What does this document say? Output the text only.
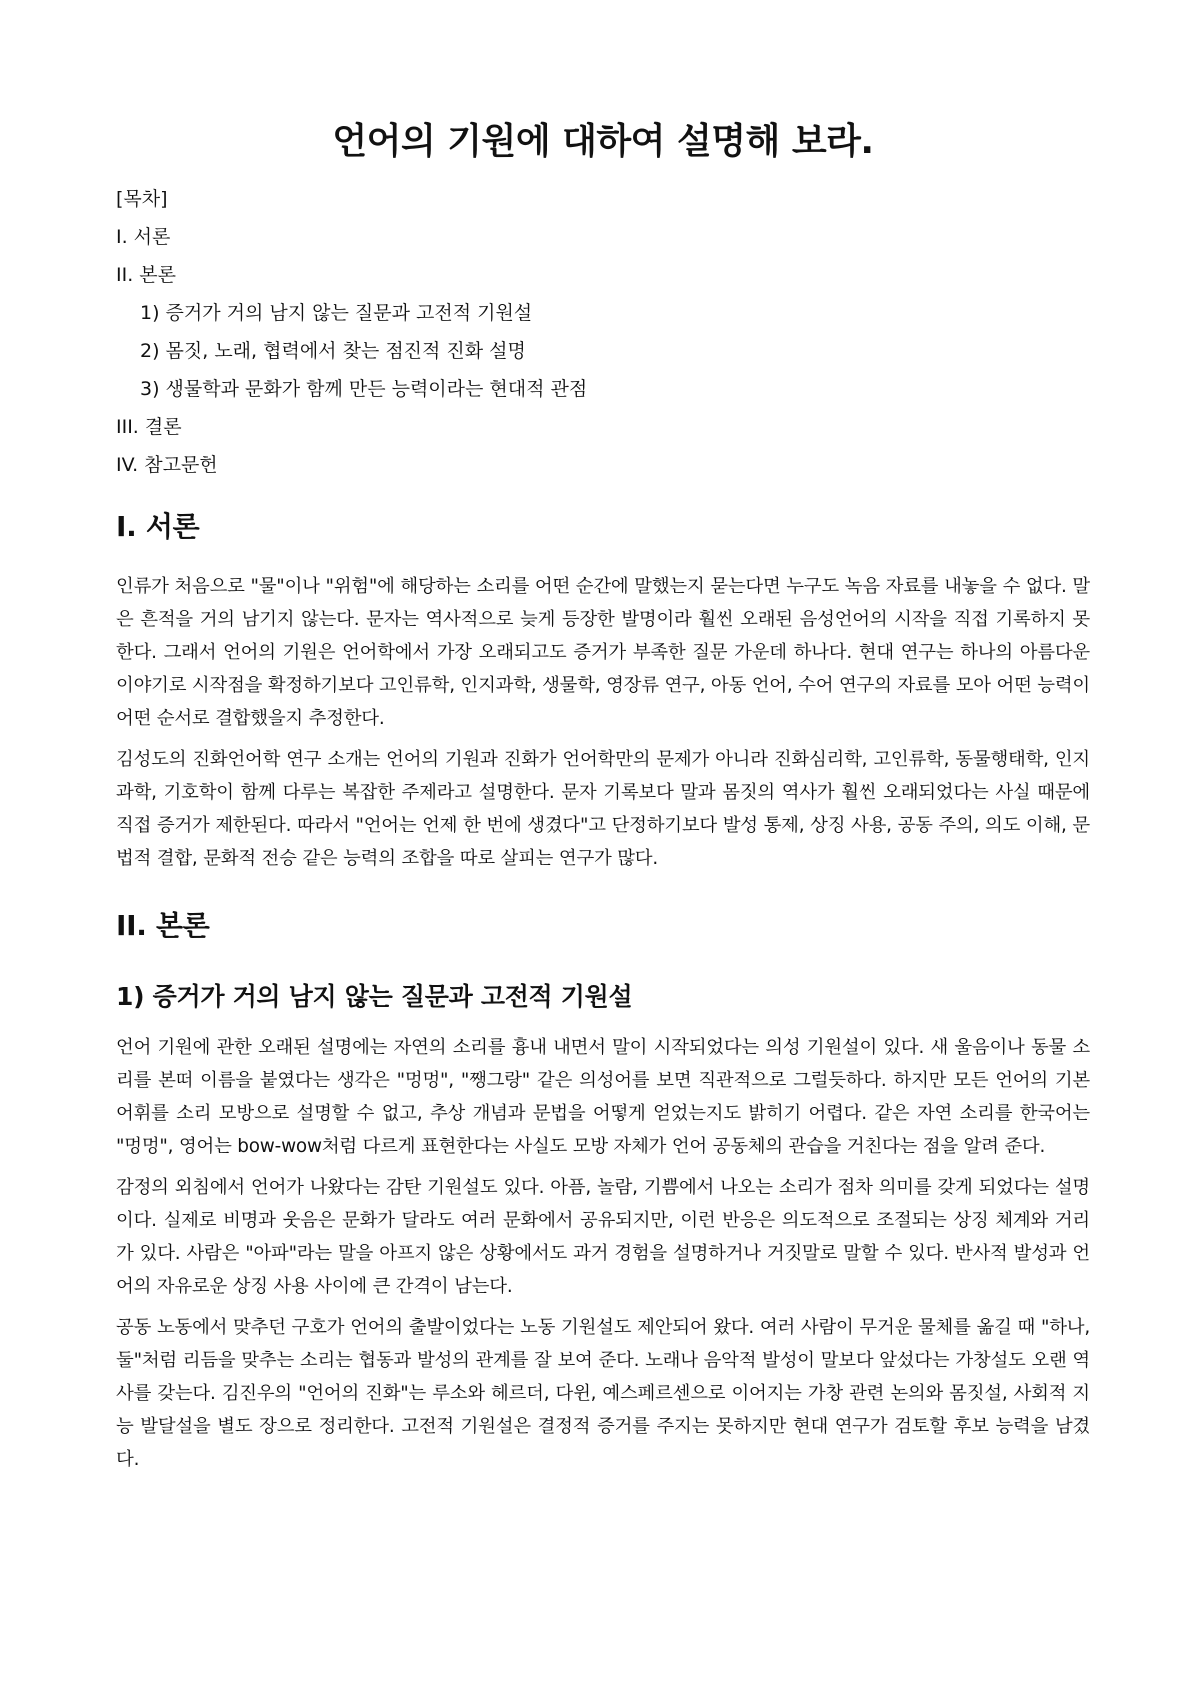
언어의 기원에 대하여 설명해 보라.
[목차]
I. 서론
II. 본론
1) 증거가 거의 남지 않는 질문과 고전적 기원설
2) 몸짓, 노래, 협력에서 찾는 점진적 진화 설명
3) 생물학과 문화가 함께 만든 능력이라는 현대적 관점
III. 결론
IV. 참고문헌
I. 서론

인류가 처음으로 "물"이나 "위험"에 해당하는 소리를 어떤 순간에 말했는지 묻는다면 누구도 녹음 자료를 내놓을 수 없다. 말은 흔적을 거의 남기지 않는다. 문자는 역사적으로 늦게 등장한 발명이라 훨씬 오래된 음성언어의 시작을 직접 기록하지 못한다. 그래서 언어의 기원은 언어학에서 가장 오래되고도 증거가 부족한 질문 가운데 하나다. 현대 연구는 하나의 아름다운 이야기로 시작점을 확정하기보다 고인류학, 인지과학, 생물학, 영장류 연구, 아동 언어, 수어 연구의 자료를 모아 어떤 능력이 어떤 순서로 결합했을지 추정한다.

김성도의 진화언어학 연구 소개는 언어의 기원과 진화가 언어학만의 문제가 아니라 진화심리학, 고인류학, 동물행태학, 인지과학, 기호학이 함께 다루는 복잡한 주제라고 설명한다. 문자 기록보다 말과 몸짓의 역사가 훨씬 오래되었다는 사실 때문에 직접 증거가 제한된다. 따라서 "언어는 언제 한 번에 생겼다"고 단정하기보다 발성 통제, 상징 사용, 공동 주의, 의도 이해, 문법적 결합, 문화적 전승 같은 능력의 조합을 따로 살피는 연구가 많다.

II. 본론
1) 증거가 거의 남지 않는 질문과 고전적 기원설

언어 기원에 관한 오래된 설명에는 자연의 소리를 흉내 내면서 말이 시작되었다는 의성 기원설이 있다. 새 울음이나 동물 소리를 본떠 이름을 붙였다는 생각은 "멍멍", "쨍그랑" 같은 의성어를 보면 직관적으로 그럴듯하다. 하지만 모든 언어의 기본 어휘를 소리 모방으로 설명할 수 없고, 추상 개념과 문법을 어떻게 얻었는지도 밝히기 어렵다. 같은 자연 소리를 한국어는 "멍멍", 영어는 bow-wow처럼 다르게 표현한다는 사실도 모방 자체가 언어 공동체의 관습을 거친다는 점을 알려 준다.

감정의 외침에서 언어가 나왔다는 감탄 기원설도 있다. 아픔, 놀람, 기쁨에서 나오는 소리가 점차 의미를 갖게 되었다는 설명이다. 실제로 비명과 웃음은 문화가 달라도 여러 문화에서 공유되지만, 이런 반응은 의도적으로 조절되는 상징 체계와 거리가 있다. 사람은 "아파"라는 말을 아프지 않은 상황에서도 과거 경험을 설명하거나 거짓말로 말할 수 있다. 반사적 발성과 언어의 자유로운 상징 사용 사이에 큰 간격이 남는다.

공동 노동에서 맞추던 구호가 언어의 출발이었다는 노동 기원설도 제안되어 왔다. 여러 사람이 무거운 물체를 옮길 때 "하나, 둘"처럼 리듬을 맞추는 소리는 협동과 발성의 관계를 잘 보여 준다. 노래나 음악적 발성이 말보다 앞섰다는 가창설도 오랜 역사를 갖는다. 김진우의 "언어의 진화"는 루소와 헤르더, 다윈, 예스페르센으로 이어지는 가창 관련 논의와 몸짓설, 사회적 지능 발달설을 별도 장으로 정리한다. 고전적 기원설은 결정적 증거를 주지는 못하지만 현대 연구가 검토할 후보 능력을 남겼다.
